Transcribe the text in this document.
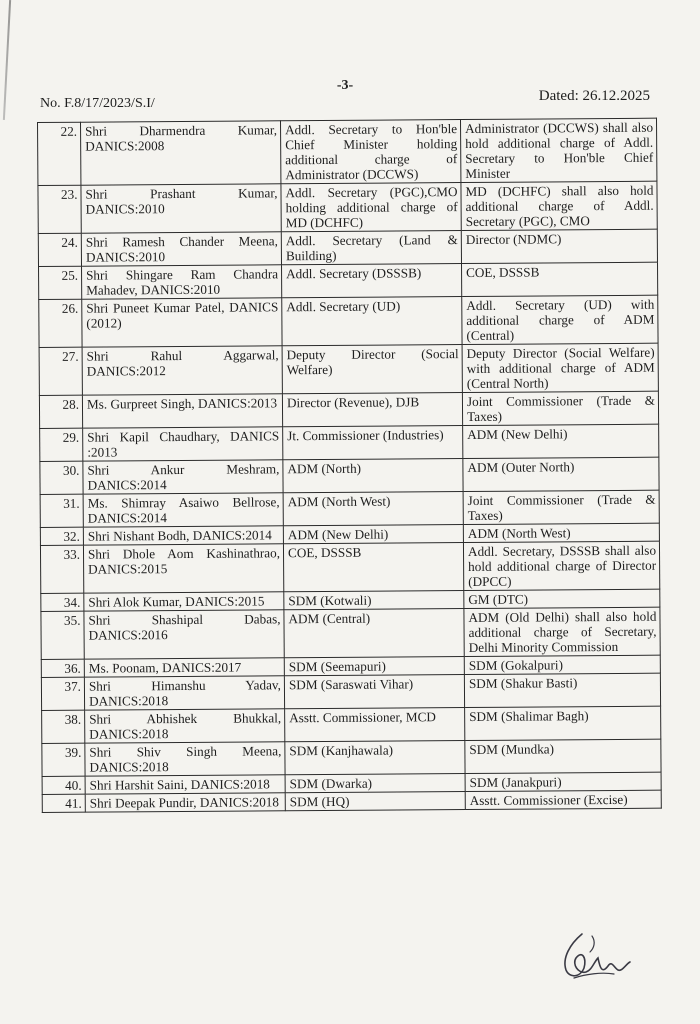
-3-
No. F.8/17/2023/S.I/	Dated: 26.12.2025
22.	Shri Dharmendra Kumar, DANICS:2008	Addl. Secretary to Hon'ble Chief Minister holding additional charge of Administrator (DCCWS)	Administrator (DCCWS) shall also hold additional charge of Addl. Secretary to Hon'ble Chief Minister
23.	Shri Prashant Kumar, DANICS:2010	Addl. Secretary (PGC),CMO holding additional charge of MD (DCHFC)	MD (DCHFC) shall also hold additional charge of Addl. Secretary (PGC), CMO
24.	Shri Ramesh Chander Meena, DANICS:2010	Addl. Secretary (Land & Building)	Director (NDMC)
25.	Shri Shingare Ram Chandra Mahadev, DANICS:2010	Addl. Secretary (DSSSB)	COE, DSSSB
26.	Shri Puneet Kumar Patel, DANICS (2012)	Addl. Secretary (UD)	Addl. Secretary (UD) with additional charge of ADM (Central)
27.	Shri Rahul Aggarwal, DANICS:2012	Deputy Director (Social Welfare)	Deputy Director (Social Welfare) with additional charge of ADM (Central North)
28.	Ms. Gurpreet Singh, DANICS:2013	Director (Revenue), DJB	Joint Commissioner (Trade & Taxes)
29.	Shri Kapil Chaudhary, DANICS :2013	Jt. Commissioner (Industries)	ADM (New Delhi)
30.	Shri Ankur Meshram, DANICS:2014	ADM (North)	ADM (Outer North)
31.	Ms. Shimray Asaiwo Bellrose, DANICS:2014	ADM (North West)	Joint Commissioner (Trade & Taxes)
32.	Shri Nishant Bodh, DANICS:2014	ADM (New Delhi)	ADM (North West)
33.	Shri Dhole Aom Kashinathrao, DANICS:2015	COE, DSSSB	Addl. Secretary, DSSSB shall also hold additional charge of Director (DPCC)
34.	Shri Alok Kumar, DANICS:2015	SDM (Kotwali)	GM (DTC)
35.	Shri Shashipal Dabas, DANICS:2016	ADM (Central)	ADM (Old Delhi) shall also hold additional charge of Secretary, Delhi Minority Commission
36.	Ms. Poonam, DANICS:2017	SDM (Seemapuri)	SDM (Gokalpuri)
37.	Shri Himanshu Yadav, DANICS:2018	SDM (Saraswati Vihar)	SDM (Shakur Basti)
38.	Shri Abhishek Bhukkal, DANICS:2018	Asstt. Commissioner, MCD	SDM (Shalimar Bagh)
39.	Shri Shiv Singh Meena, DANICS:2018	SDM (Kanjhawala)	SDM (Mundka)
40.	Shri Harshit Saini, DANICS:2018	SDM (Dwarka)	SDM (Janakpuri)
41.	Shri Deepak Pundir, DANICS:2018	SDM (HQ)	Asstt. Commissioner (Excise)
